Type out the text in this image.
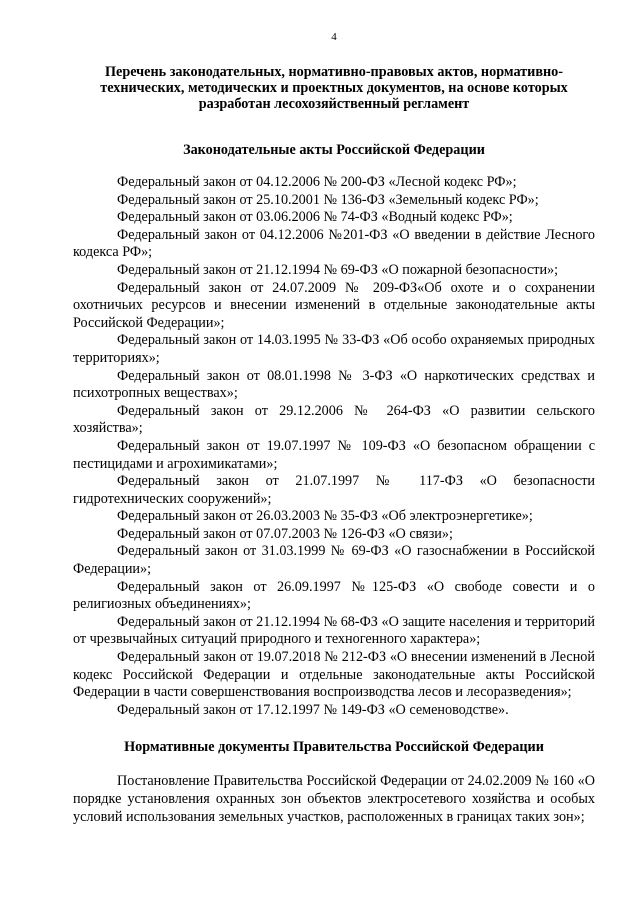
4
Перечень законодательных, нормативно-правовых актов, нормативно-технических, методических и проектных документов, на основе которых разработан лесохозяйственный регламент
Законодательные акты Российской Федерации

Федеральный закон от 04.12.2006 № 200-ФЗ «Лесной кодекс РФ»;

Федеральный закон от 25.10.2001 № 136-ФЗ «Земельный кодекс РФ»;

Федеральный закон от 03.06.2006 № 74-ФЗ «Водный кодекс РФ»;

Федеральный закон от 04.12.2006 №201-ФЗ «О введении в действие Лесного кодекса РФ»;

Федеральный закон от 21.12.1994 № 69-ФЗ «О пожарной безопасности»;

Федеральный закон от 24.07.2009 № 209-ФЗ«Об охоте и о сохранении охотничьих ресурсов и внесении изменений в отдельные законодательные акты Российской Федерации»;

Федеральный закон от 14.03.1995 № 33-ФЗ «Об особо охраняемых природных территориях»;

Федеральный закон от 08.01.1998 № 3-ФЗ «О наркотических средствах и психотропных веществах»;

Федеральный закон от 29.12.2006 № 264-ФЗ «О развитии сельского хозяйства»;

Федеральный закон от 19.07.1997 № 109-ФЗ «О безопасном обращении с пестицидами и агрохимикатами»;

Федеральный закон от 21.07.1997 № 117-ФЗ «О безопасности гидротехнических сооружений»;

Федеральный закон от 26.03.2003 № 35-ФЗ «Об электроэнергетике»;

Федеральный закон от 07.07.2003 № 126-ФЗ «О связи»;

Федеральный закон от 31.03.1999 № 69-ФЗ «О газоснабжении в Российской Федерации»;

Федеральный закон от 26.09.1997 №125-ФЗ «О свободе совести и о религиозных объединениях»;

Федеральный закон от 21.12.1994 № 68-ФЗ «О защите населения и территорий от чрезвычайных ситуаций природного и техногенного характера»;

Федеральный закон от 19.07.2018 № 212-ФЗ «О внесении изменений в Лесной кодекс Российской Федерации и отдельные законодательные акты Российской Федерации в части совершенствования воспроизводства лесов и лесоразведения»;

Федеральный закон от 17.12.1997 № 149-ФЗ «О семеноводстве».

Нормативные документы Правительства Российской Федерации

Постановление Правительства Российской Федерации от 24.02.2009 № 160 «О порядке установления охранных зон объектов электросетевого хозяйства и особых условий использования земельных участков, расположенных в границах таких зон»;
